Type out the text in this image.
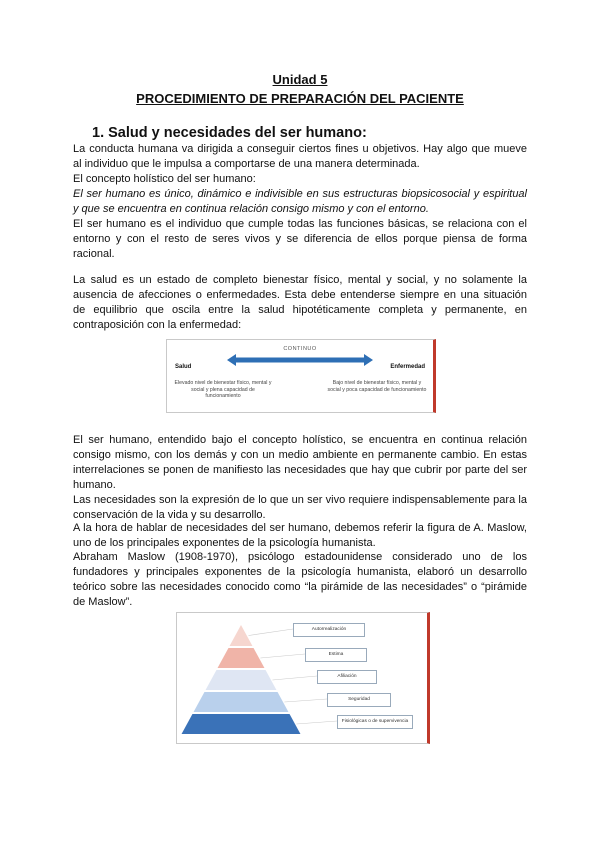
Unidad 5
PROCEDIMIENTO DE PREPARACIÓN DEL PACIENTE
1. Salud y necesidades del ser humano:

La conducta humana va dirigida a conseguir ciertos fines u objetivos. Hay algo que mueve
al individuo que le impulsa a comportarse de una manera determinada.

El concepto holístico del ser humano:

El ser humano es único, dinámico e indivisible en sus estructuras biopsicosocial y espiritual
y que se encuentra en continua relación consigo mismo y con el entorno.

El ser humano es el individuo que cumple todas las funciones básicas, se relaciona con el
entorno y con el resto de seres vivos y se diferencia de ellos porque piensa de forma
racional.

La salud es un estado de completo bienestar físico, mental y social, y no solamente la
ausencia de afecciones o enfermedades. Esta debe entenderse siempre en una situación
de equilibrio que oscila entre la salud hipotéticamente completa y permanente, en
contraposición con la enfermedad:

CONTINUO
Salud	Enfermedad
Elevado nivel de bienestar físico, mental y social y plena capacidad de funcionamiento
Bajo nivel de bienestar físico, mental y social y poca capacidad de funcionamiento

El ser humano, entendido bajo el concepto holístico, se encuentra en continua relación
consigo mismo, con los demás y con un medio ambiente en permanente cambio. En estas
interrelaciones se ponen de manifiesto las necesidades que hay que cubrir por parte del ser
humano.

Las necesidades son la expresión de lo que un ser vivo requiere indispensablemente para la
conservación de la vida y su desarrollo.

A la hora de hablar de necesidades del ser humano, debemos referir la figura de A. Maslow,
uno de los principales exponentes de la psicología humanista.

Abraham Maslow (1908-1970), psicólogo estadounidense considerado uno de los
fundadores y principales exponentes de la psicología humanista, elaboró un desarrollo
teórico sobre las necesidades conocido como “la pirámide de las necesidades” o “pirámide
de Maslow”.

Autorrealización
Estima
Afiliación
Seguridad
Fisiológicas o de supervivencia
